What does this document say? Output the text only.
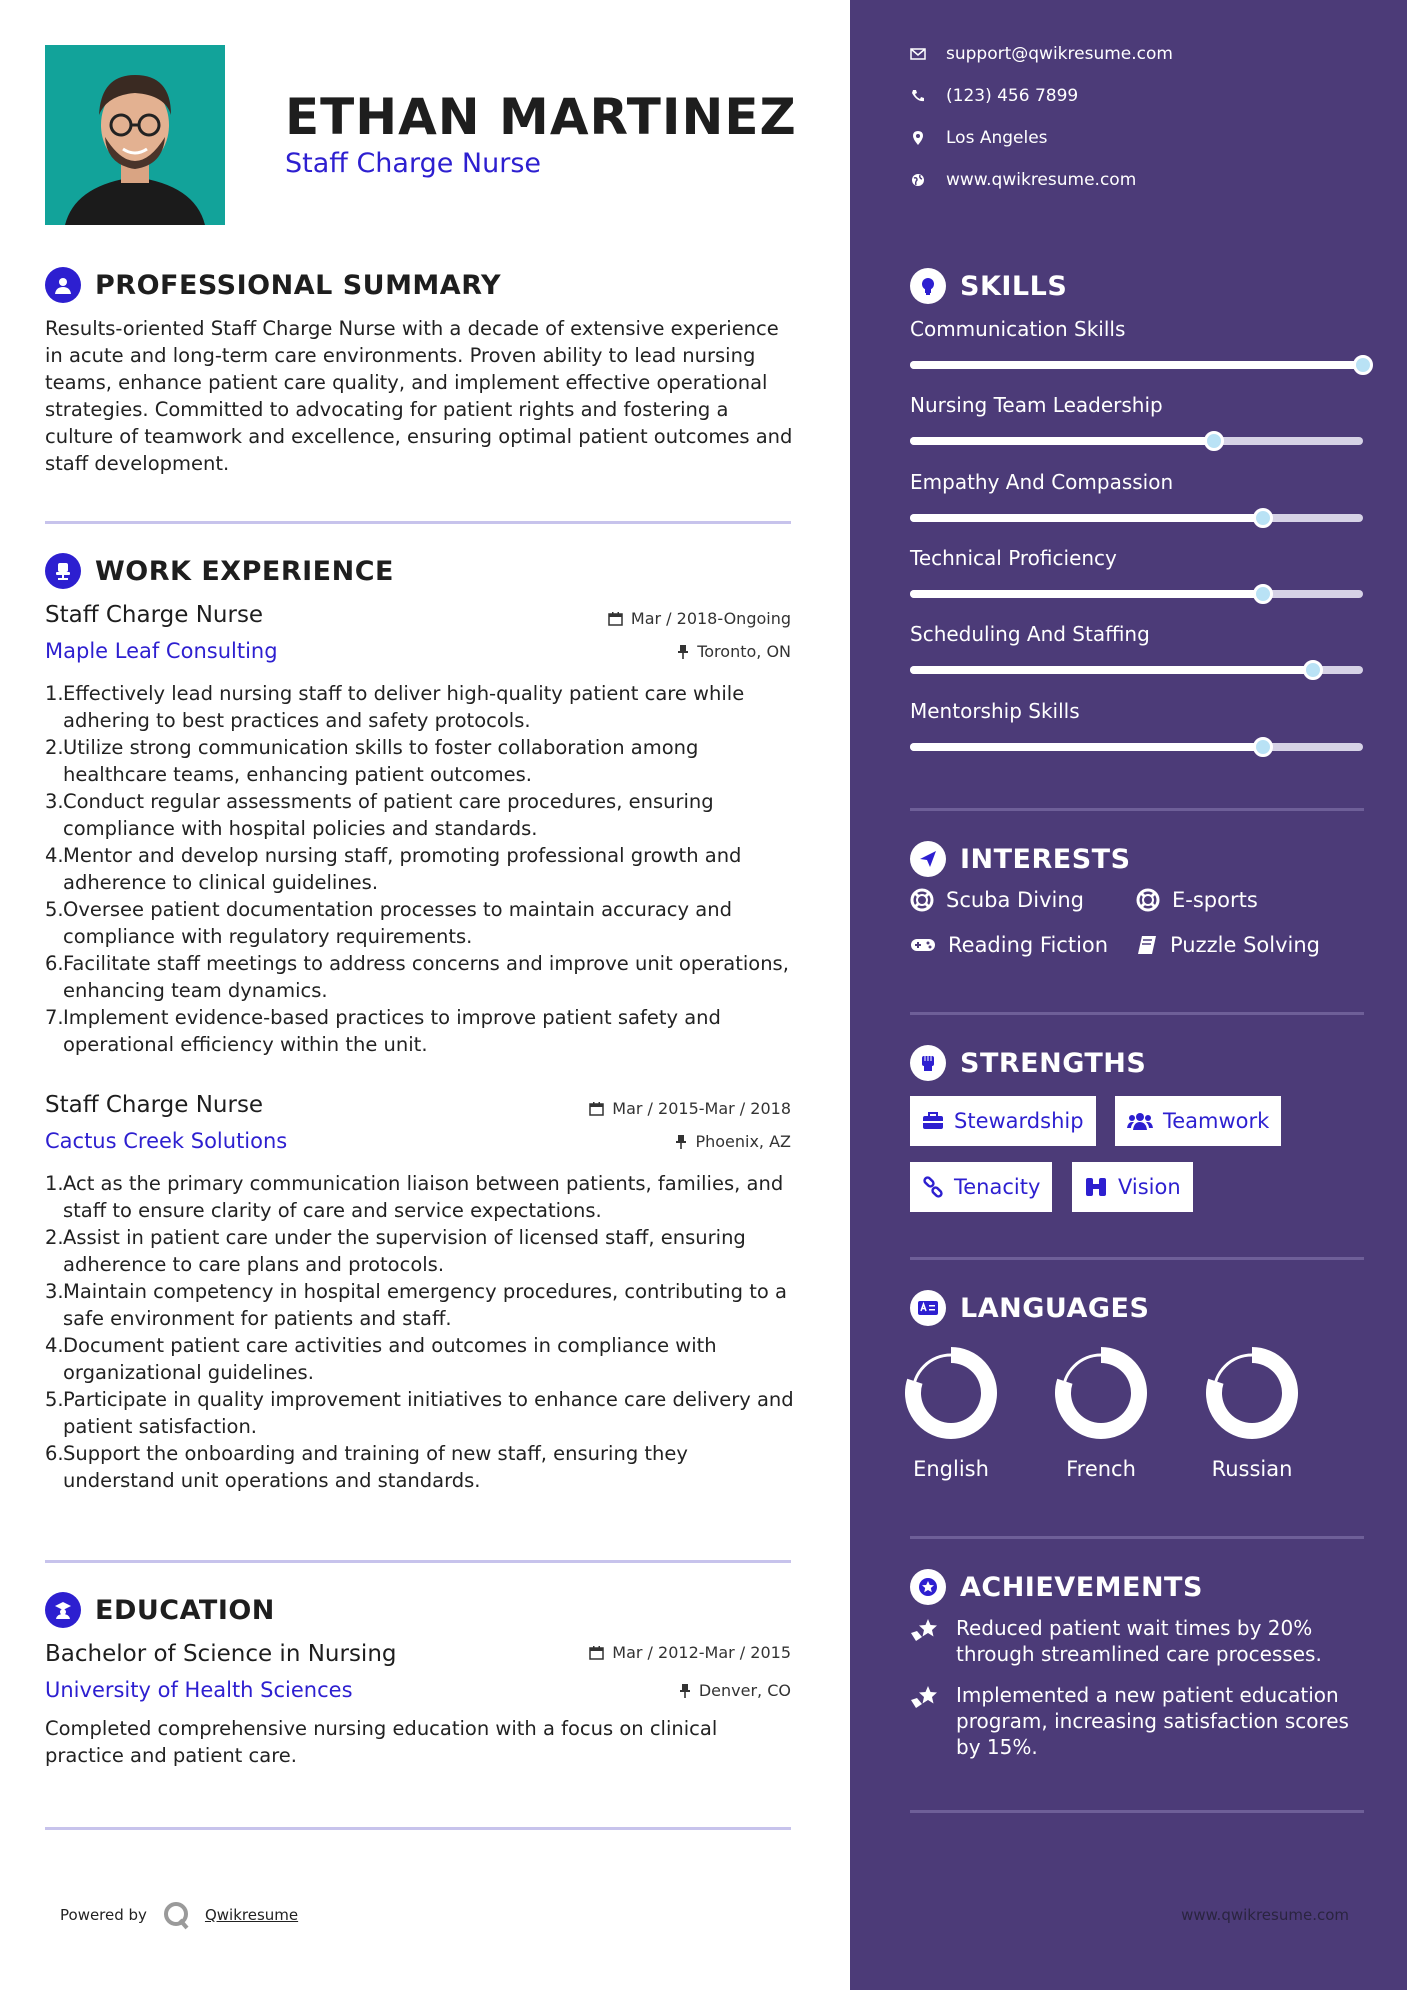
ETHAN MARTINEZ
Staff Charge Nurse
PROFESSIONAL SUMMARY
Results-oriented Staff Charge Nurse with a decade of extensive experience in acute and long-term care environments. Proven ability to lead nursing teams, enhance patient care quality, and implement effective operational strategies. Committed to advocating for patient rights and fostering a culture of teamwork and excellence, ensuring optimal patient outcomes and staff development.
WORK EXPERIENCE
Staff Charge Nurse	Mar / 2018-Ongoing
Maple Leaf Consulting	Toronto, ON
1. Effectively lead nursing staff to deliver high-quality patient care while adhering to best practices and safety protocols.
2. Utilize strong communication skills to foster collaboration among healthcare teams, enhancing patient outcomes.
3. Conduct regular assessments of patient care procedures, ensuring compliance with hospital policies and standards.
4. Mentor and develop nursing staff, promoting professional growth and adherence to clinical guidelines.
5. Oversee patient documentation processes to maintain accuracy and compliance with regulatory requirements.
6. Facilitate staff meetings to address concerns and improve unit operations, enhancing team dynamics.
7. Implement evidence-based practices to improve patient safety and operational efficiency within the unit.
Staff Charge Nurse	Mar / 2015-Mar / 2018
Cactus Creek Solutions	Phoenix, AZ
1. Act as the primary communication liaison between patients, families, and staff to ensure clarity of care and service expectations.
2. Assist in patient care under the supervision of licensed staff, ensuring adherence to care plans and protocols.
3. Maintain competency in hospital emergency procedures, contributing to a safe environment for patients and staff.
4. Document patient care activities and outcomes in compliance with organizational guidelines.
5. Participate in quality improvement initiatives to enhance care delivery and patient satisfaction.
6. Support the onboarding and training of new staff, ensuring they understand unit operations and standards.
EDUCATION
Bachelor of Science in Nursing	Mar / 2012-Mar / 2015
University of Health Sciences	Denver, CO
Completed comprehensive nursing education with a focus on clinical practice and patient care.
Powered by	Qwikresume
support@qwikresume.com
(123) 456 7899
Los Angeles
www.qwikresume.com
SKILLS
Communication Skills
Nursing Team Leadership
Empathy And Compassion
Technical Proficiency
Scheduling And Staffing
Mentorship Skills
INTERESTS
Scuba Diving	E-sports
Reading Fiction	Puzzle Solving
STRENGTHS
Stewardship	Teamwork
Tenacity	Vision
LANGUAGES
English	French	Russian
ACHIEVEMENTS
Reduced patient wait times by 20% through streamlined care processes.
Implemented a new patient education program, increasing satisfaction scores by 15%.
www.qwikresume.com
